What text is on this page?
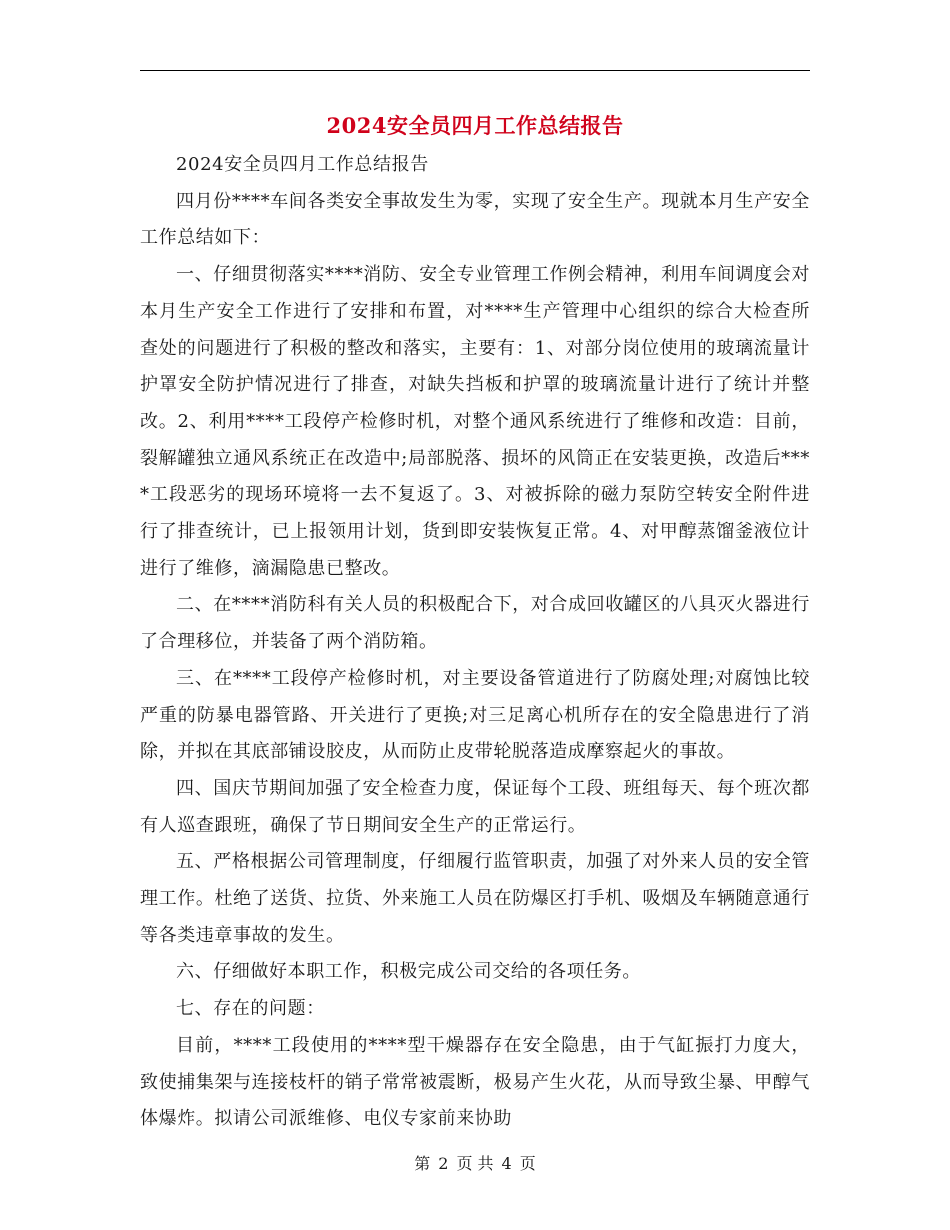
2024安全员四月工作总结报告

2024安全员四月工作总结报告

四月份****车间各类安全事故发生为零，实现了安全生产。现就本月生产安全工作总结如下：

一、仔细贯彻落实****消防、安全专业管理工作例会精神，利用车间调度会对本月生产安全工作进行了安排和布置，对****生产管理中心组织的综合大检查所查处的问题进行了积极的整改和落实，主要有：1、对部分岗位使用的玻璃流量计护罩安全防护情况进行了排查，对缺失挡板和护罩的玻璃流量计进行了统计并整改。2、利用****工段停产检修时机，对整个通风系统进行了维修和改造：目前，裂解罐独立通风系统正在改造中;局部脱落、损坏的风筒正在安装更换，改造后****工段恶劣的现场环境将一去不复返了。3、对被拆除的磁力泵防空转安全附件进行了排查统计，已上报领用计划，货到即安装恢复正常。4、对甲醇蒸馏釜液位计进行了维修，滴漏隐患已整改。

二、在****消防科有关人员的积极配合下，对合成回收罐区的八具灭火器进行了合理移位，并装备了两个消防箱。

三、在****工段停产检修时机，对主要设备管道进行了防腐处理;对腐蚀比较严重的防暴电器管路、开关进行了更换;对三足离心机所存在的安全隐患进行了消除，并拟在其底部铺设胶皮，从而防止皮带轮脱落造成摩察起火的事故。

四、国庆节期间加强了安全检查力度，保证每个工段、班组每天、每个班次都有人巡查跟班，确保了节日期间安全生产的正常运行。

五、严格根据公司管理制度，仔细履行监管职责，加强了对外来人员的安全管理工作。杜绝了送货、拉货、外来施工人员在防爆区打手机、吸烟及车辆随意通行等各类违章事故的发生。

六、仔细做好本职工作，积极完成公司交给的各项任务。

七、存在的问题：

目前，****工段使用的****型干燥器存在安全隐患，由于气缸振打力度大，致使捕集架与连接枝杆的销子常常被震断，极易产生火花，从而导致尘暴、甲醇气体爆炸。拟请公司派维修、电仪专家前来协助

第 2 页 共 4 页
